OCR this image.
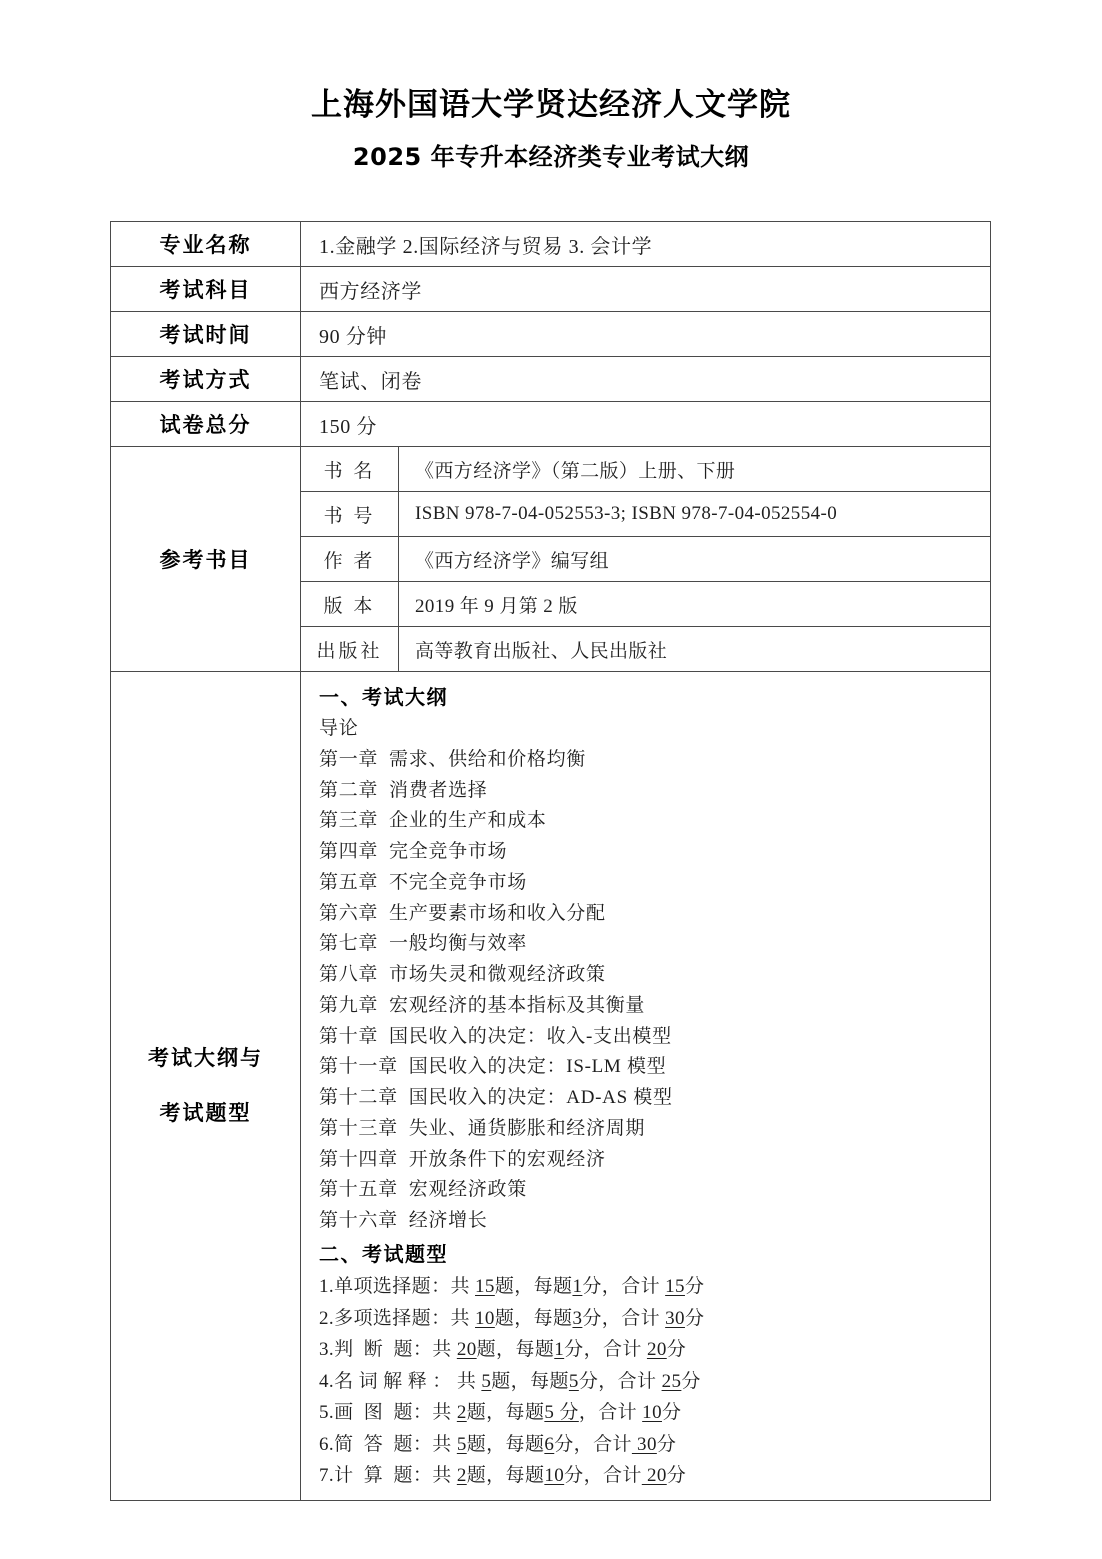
上海外国语大学贤达经济人文学院
2025 年专升本经济类专业考试大纲
专业名称	1.金融学 2.国际经济与贸易 3. 会计学	
考试科目	西方经济学	
考试时间	90 分钟	
考试方式	笔试、闭卷	
试卷总分	150 分	
参考书目	书 名	《西方经济学》（第二版）上册、下册
	书 号	ISBN 978-7-04-052553-3; ISBN 978-7-04-052554-0
	作 者	《西方经济学》编写组
	版 本	2019 年 9 月第 2 版
	出版社	高等教育出版社、人民出版社

考试大纲与
考试题型

一、考试大纲
导论
第一章  需求、供给和价格均衡
第二章  消费者选择
第三章  企业的生产和成本
第四章  完全竞争市场
第五章  不完全竞争市场
第六章  生产要素市场和收入分配
第七章  一般均衡与效率
第八章  市场失灵和微观经济政策
第九章  宏观经济的基本指标及其衡量
第十章  国民收入的决定：收入-支出模型
第十一章  国民收入的决定：IS-LM 模型
第十二章  国民收入的决定：AD-AS 模型
第十三章  失业、通货膨胀和经济周期
第十四章  开放条件下的宏观经济
第十五章  宏观经济政策
第十六章  经济增长
二、考试题型
1.单项选择题：共 15题，每题1分，合计 15分
2.多项选择题：共 10题，每题3分，合计 30分
3.判  断  题：共 20题，每题1分，合计 20分
4.名 词 解 释 ： 共 5题，每题5分，合计 25分
5.画  图  题：共 2题，每题5 分，合计 10分
6.简  答  题：共 5题，每题6分，合计 30分
7.计  算  题：共 2题，每题10分，合计 20分
